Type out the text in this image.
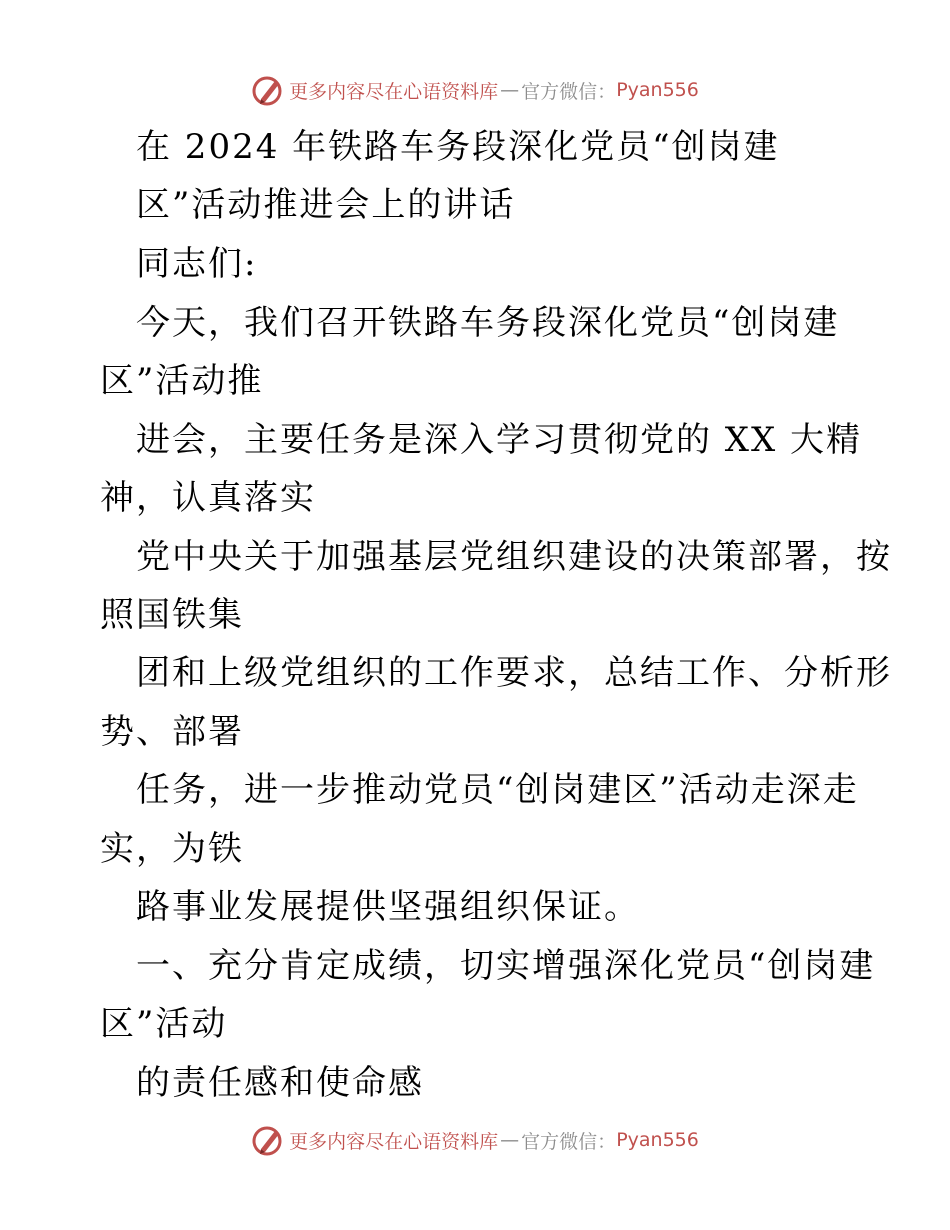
更多内容尽在心语资料库 — 官方微信： Pyan556
在 2024 年铁路车务段深化党员“创岗建
区”活动推进会上的讲话
同志们:
今天，我们召开铁路车务段深化党员“创岗建
区”活动推
进会，主要任务是深入学习贯彻党的 XX 大精
神，认真落实
党中央关于加强基层党组织建设的决策部署，按
照国铁集
团和上级党组织的工作要求，总结工作、分析形
势、部署
任务，进一步推动党员“创岗建区”活动走深走
实，为铁
路事业发展提供坚强组织保证。
一、充分肯定成绩，切实增强深化党员“创岗建
区”活动
的责任感和使命感
更多内容尽在心语资料库 — 官方微信： Pyan556
